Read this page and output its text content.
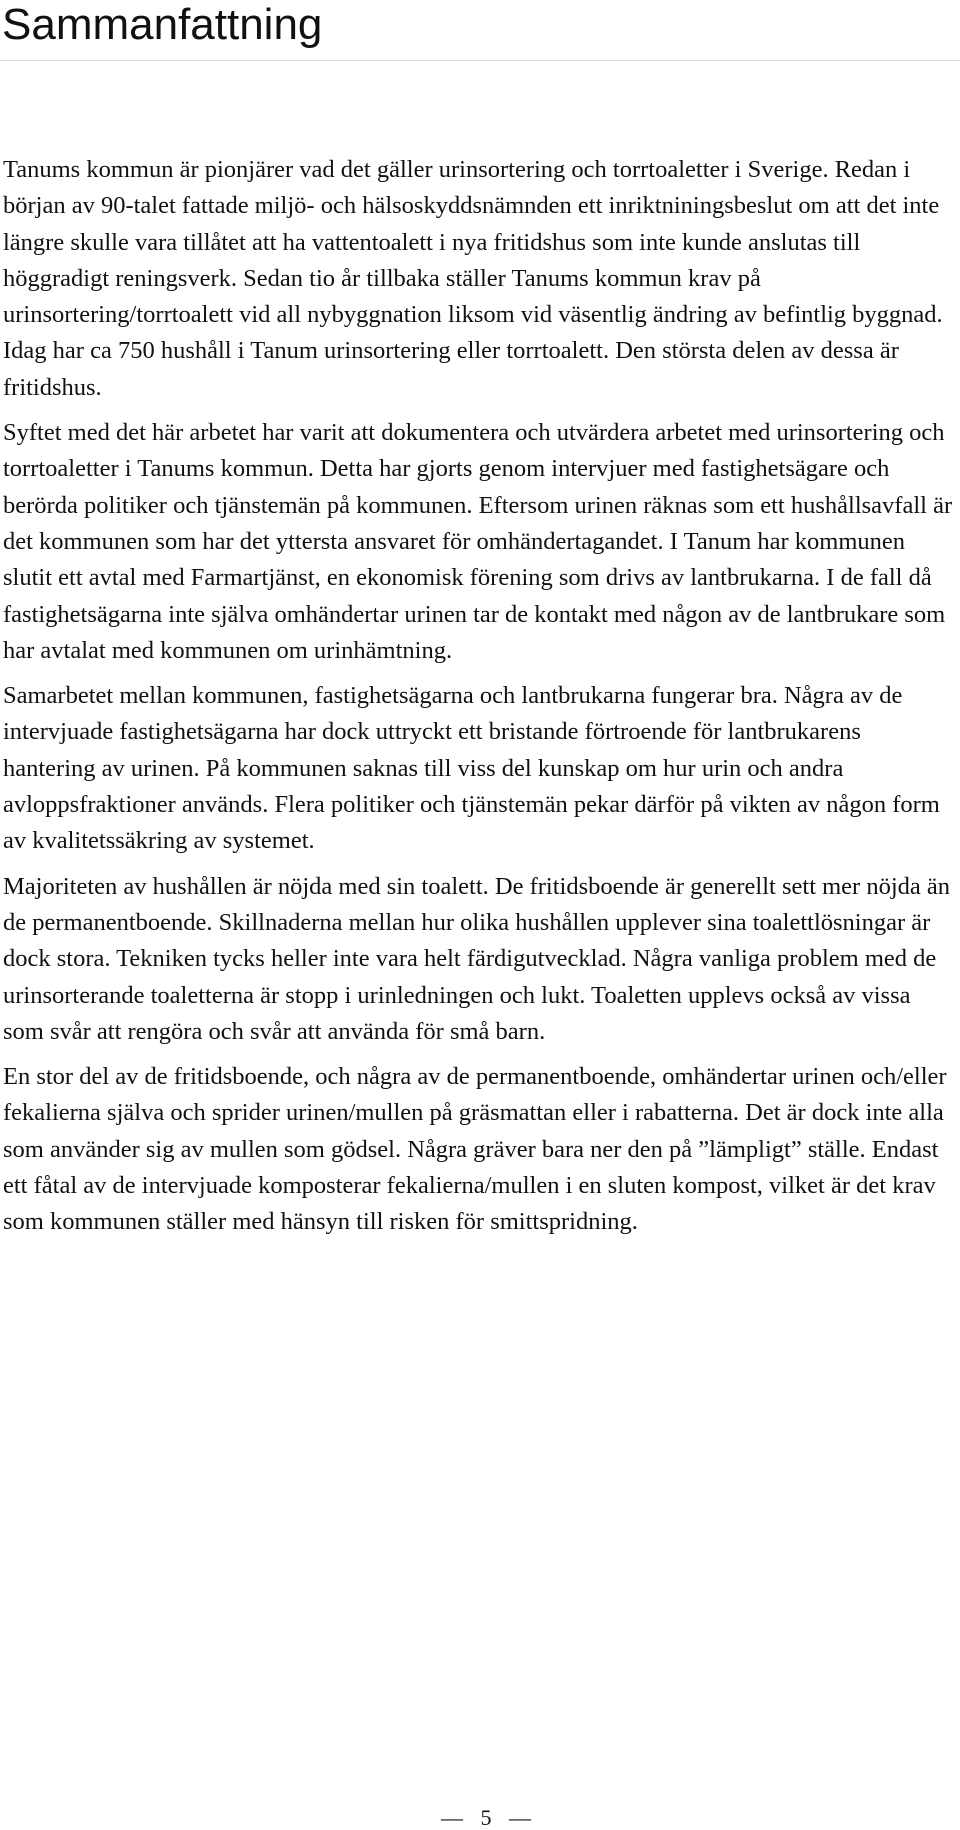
Sammanfattning

Tanums kommun är pionjärer vad det gäller urinsortering och torrtoaletter i Sverige. Redan i början av 90-talet fattade miljö- och hälsoskyddsnämnden ett inriktniningsbeslut om att det inte längre skulle vara tillåtet att ha vattentoalett i nya fritidshus som inte kunde anslutas till höggradigt reningsverk. Sedan tio år tillbaka ställer Tanums kommun krav på urinsortering/torrtoalett vid all nybyggnation liksom vid väsentlig ändring av befintlig byggnad. Idag har ca 750 hushåll i Tanum urinsortering eller torrtoalett. Den största delen av dessa är fritidshus.

Syftet med det här arbetet har varit att dokumentera och utvärdera arbetet med urinsortering och torrtoaletter i Tanums kommun. Detta har gjorts genom intervjuer med fastighetsägare och berörda politiker och tjänstemän på kommunen. Eftersom urinen räknas som ett hushållsavfall är det kommunen som har det yttersta ansvaret för omhändertagandet. I Tanum har kommunen slutit ett avtal med Farmartjänst, en ekonomisk förening som drivs av lantbrukarna. I de fall då fastighetsägarna inte själva omhändertar urinen tar de kontakt med någon av de lantbrukare som har avtalat med kommunen om urinhämtning.

Samarbetet mellan kommunen, fastighetsägarna och lantbrukarna fungerar bra. Några av de intervjuade fastighetsägarna har dock uttryckt ett bristande förtroende för lantbrukarens hantering av urinen. På kommunen saknas till viss del kunskap om hur urin och andra avloppsfraktioner används. Flera politiker och tjänstemän pekar därför på vikten av någon form av kvalitetssäkring av systemet.

Majoriteten av hushållen är nöjda med sin toalett. De fritidsboende är generellt sett mer nöjda än de permanentboende. Skillnaderna mellan hur olika hushållen upplever sina toalettlösningar är dock stora. Tekniken tycks heller inte vara helt färdigutvecklad. Några vanliga problem med de urinsorterande toaletterna är stopp i urinledningen och lukt. Toaletten upplevs också av vissa som svår att rengöra och svår att använda för små barn.

En stor del av de fritidsboende, och några av de permanentboende, omhändertar urinen och/eller fekalierna själva och sprider urinen/mullen på gräsmattan eller i rabatterna. Det är dock inte alla som använder sig av mullen som gödsel. Några gräver bara ner den på ”lämpligt” ställe. Endast ett fåtal av de intervjuade komposterar fekalierna/mullen i en sluten kompost, vilket är det krav som kommunen ställer med hänsyn till risken för smittspridning.

— 5 —
